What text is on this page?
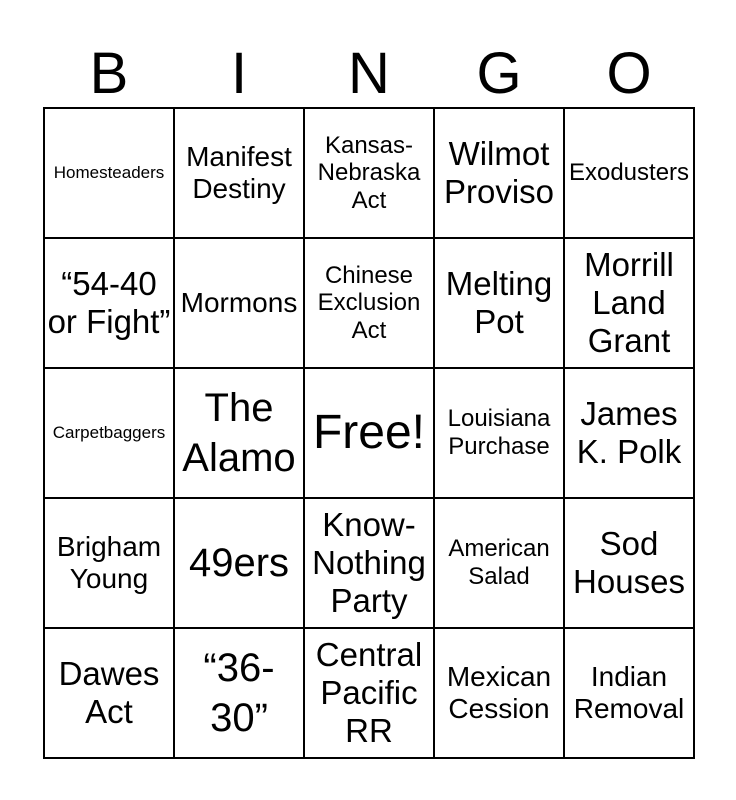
B	I	N	G	O
Homesteaders
Manifest Destiny
Kansas-Nebraska Act
Wilmot Proviso
Exodusters
“54-40 or Fight”
Mormons
Chinese Exclusion Act
Melting Pot
Morrill Land Grant
Carpetbaggers
The Alamo Free! Louisiana Purchase
James K. Polk
Brigham Young	49ers
Know-Nothing Party
American Salad
Sod Houses
Dawes Act
“36-30”
Central Pacific RR
Mexican Cession
Indian Removal
